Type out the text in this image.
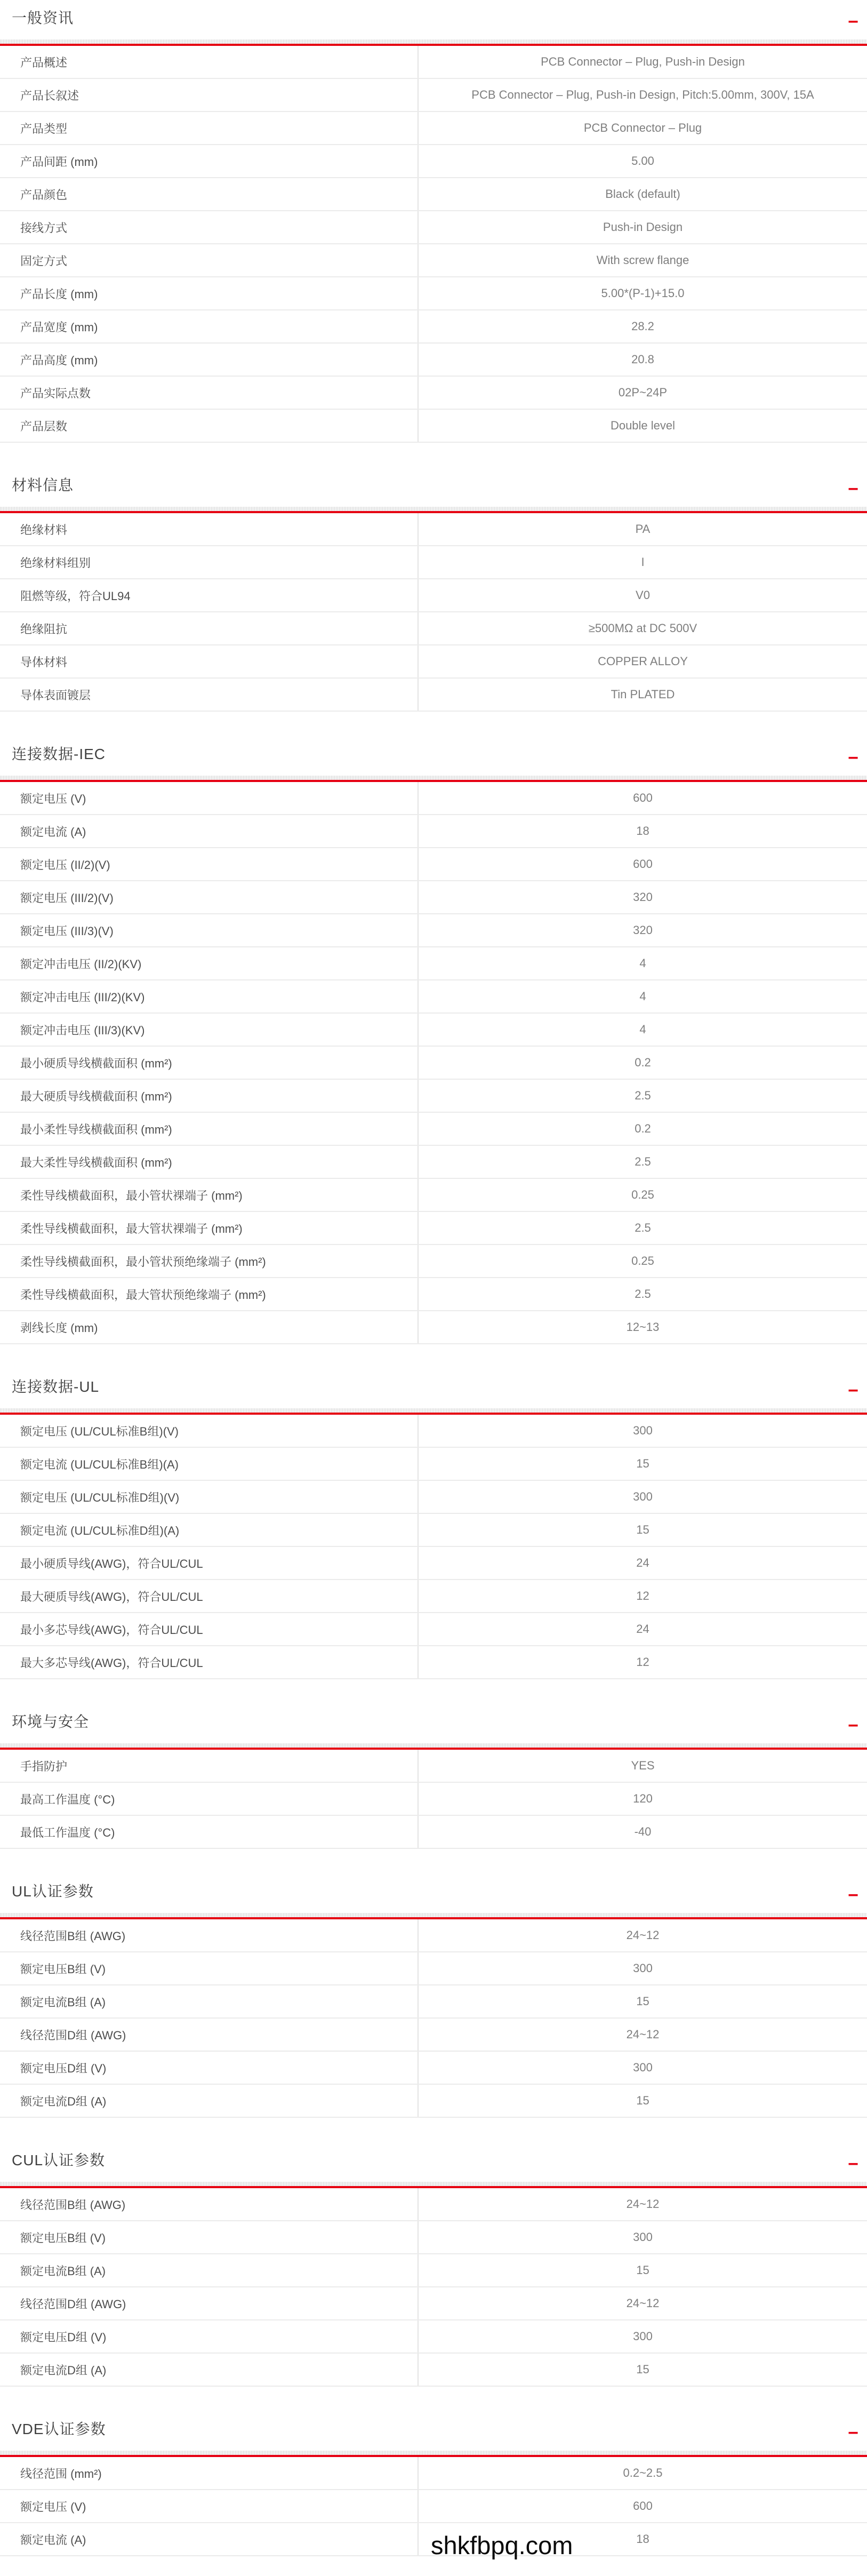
一般资讯	−
产品概述	PCB Connector – Plug, Push-in Design
产品长叙述	PCB Connector – Plug, Push-in Design, Pitch:5.00mm, 300V, 15A
产品类型	PCB Connector – Plug
产品间距 (mm)	5.00
产品颜色	Black (default)
接线方式	Push-in Design
固定方式	With screw flange
产品长度 (mm)	5.00*(P-1)+15.0
产品宽度 (mm)	28.2
产品高度 (mm)	20.8
产品实际点数	02P~24P
产品层数	Double level
材料信息	−
绝缘材料	PA
绝缘材料组别	I
阻燃等级，符合UL94	V0
绝缘阻抗	≥500MΩ at DC 500V
导体材料	COPPER ALLOY
导体表面镀层	Tin PLATED
连接数据-IEC	−
额定电压 (V)	600
额定电流 (A)	18
额定电压 (II/2)(V)	600
额定电压 (III/2)(V)	320
额定电压 (III/3)(V)	320
额定冲击电压 (II/2)(KV)	4
额定冲击电压 (III/2)(KV)	4
额定冲击电压 (III/3)(KV)	4
最小硬质导线横截面积 (mm²)	0.2
最大硬质导线横截面积 (mm²)	2.5
最小柔性导线横截面积 (mm²)	0.2
最大柔性导线横截面积 (mm²)	2.5
柔性导线横截面积，最小管状裸端子 (mm²)	0.25
柔性导线横截面积，最大管状裸端子 (mm²)	2.5
柔性导线横截面积，最小管状预绝缘端子 (mm²)	0.25
柔性导线横截面积，最大管状预绝缘端子 (mm²)	2.5
剥线长度 (mm)	12~13
连接数据-UL	−
额定电压 (UL/CUL标准B组)(V)	300
额定电流 (UL/CUL标准B组)(A)	15
额定电压 (UL/CUL标准D组)(V)	300
额定电流 (UL/CUL标准D组)(A)	15
最小硬质导线(AWG)，符合UL/CUL	24
最大硬质导线(AWG)，符合UL/CUL	12
最小多芯导线(AWG)，符合UL/CUL	24
最大多芯导线(AWG)，符合UL/CUL	12
环境与安全	−
手指防护	YES
最高工作温度 (°C)	120
最低工作温度 (°C)	-40
UL认证参数	−
线径范围B组 (AWG)	24~12
额定电压B组 (V)	300
额定电流B组 (A)	15
线径范围D组 (AWG)	24~12
额定电压D组 (V)	300
额定电流D组 (A)	15
CUL认证参数	−
线径范围B组 (AWG)	24~12
额定电压B组 (V)	300
额定电流B组 (A)	15
线径范围D组 (AWG)	24~12
额定电压D组 (V)	300
额定电流D组 (A)	15
VDE认证参数	−
线径范围 (mm²)	0.2~2.5
额定电压 (V)	600
额定电流 (A)	18
shkfbpq.com
